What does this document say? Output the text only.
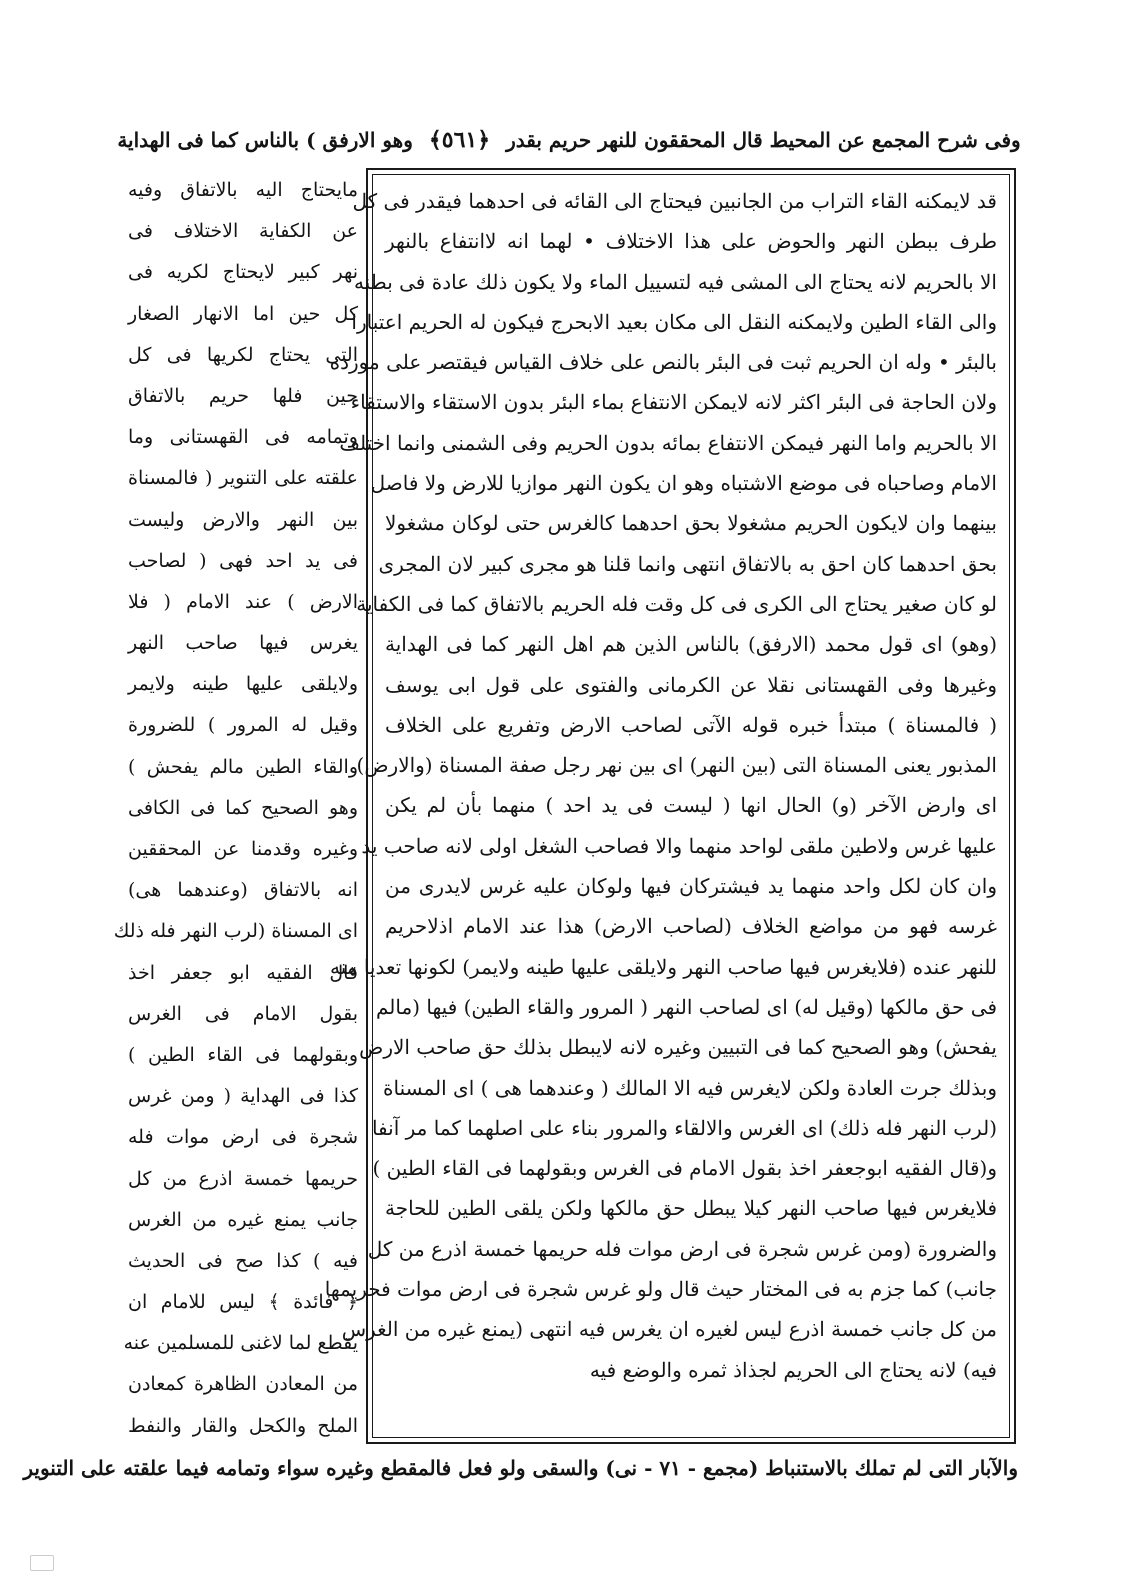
وهو الارفق ) بالناس كما فى الهداية ﴿٥٦١﴾ وفى شرح المجمع عن المحيط قال المحققون للنهر حريم بقدر
قد لايمكنه القاء التراب من الجانبين فيحتاج الى القائه فى احدهما فيقدر فى كل
طرف ببطن النهر والحوض على هذا الاختلاف • لهما انه لاانتفاع بالنهر
الا بالحريم لانه يحتاج الى المشى فيه لتسييل الماء ولا يكون ذلك عادة فى بطنه
والى القاء الطين ولايمكنه النقل الى مكان بعيد الابحرج فيكون له الحريم اعتبارا
بالبئر • وله ان الحريم ثبت فى البئر بالنص على خلاف القياس فيقتصر على مورده
ولان الحاجة فى البئر اكثر لانه لايمكن الانتفاع بماء البئر بدون الاستقاء والاستقاء
الا بالحريم واما النهر فيمكن الانتفاع بمائه بدون الحريم وفى الشمنى وانما اختلف
الامام وصاحباه فى موضع الاشتباه وهو ان يكون النهر موازيا للارض ولا فاصل
بينهما وان لايكون الحريم مشغولا بحق احدهما كالغرس حتى لوكان مشغولا
بحق احدهما كان احق به بالاتفاق انتهى وانما قلنا هو مجرى كبير لان المجرى
لو كان صغير يحتاج الى الكرى فى كل وقت فله الحريم بالاتفاق كما فى الكفاية
(وهو) اى قول محمد (الارفق) بالناس الذين هم اهل النهر كما فى الهداية
وغيرها وفى القهستانى نقلا عن الكرمانى والفتوى على قول ابى يوسف
( فالمسناة ) مبتدأ خبره قوله الآتى لصاحب الارض وتفريع على الخلاف
المذبور يعنى المسناة التى (بين النهر) اى بين نهر رجل صفة المسناة (والارض)
اى وارض الآخر (و) الحال انها ( ليست فى يد احد ) منهما بأن لم يكن
عليها غرس ولاطين ملقى لواحد منهما والا فصاحب الشغل اولى لانه صاحب يد
وان كان لكل واحد منهما يد فيشتركان فيها ولوكان عليه غرس لايدرى من
غرسه فهو من مواضع الخلاف (لصاحب الارض) هذا عند الامام اذلاحريم
للنهر عنده (فلايغرس فيها صاحب النهر ولايلقى عليها طينه ولايمر) لكونها تعديا منه
فى حق مالكها (وقيل له) اى لصاحب النهر ( المرور والقاء الطين) فيها (مالم
يفحش) وهو الصحيح كما فى التبيين وغيره لانه لايبطل بذلك حق صاحب الارض
وبذلك جرت العادة ولكن لايغرس فيه الا المالك ( وعندهما هى ) اى المسناة
(لرب النهر فله ذلك) اى الغرس والالقاء والمرور بناء على اصلهما كما مر آنفا
و(قال الفقيه ابوجعفر اخذ بقول الامام فى الغرس وبقولهما فى القاء الطين )
فلايغرس فيها صاحب النهر كيلا يبطل حق مالكها ولكن يلقى الطين للحاجة
والضرورة (ومن غرس شجرة فى ارض موات فله حريمها خمسة اذرع من كل
جانب) كما جزم به فى المختار حيث قال ولو غرس شجرة فى ارض موات فحريمها
من كل جانب خمسة اذرع ليس لغيره ان يغرس فيه انتهى (يمنع غيره من الغرس
فيه) لانه يحتاج الى الحريم لجذاذ ثمره والوضع فيه
مايحتاج اليه بالاتفاق وفيه
عن الكفاية الاختلاف فى
نهر كبير لايحتاج لكريه فى
كل حين اما الانهار الصغار
التى يحتاج لكريها فى كل
حين فلها حريم بالاتفاق
وتمامه فى القهستانى وما
علقته على التنوير ( فالمسناة
بين النهر والارض وليست
فى يد احد فهى ( لصاحب
الارض ) عند الامام ( فلا
يغرس فيها صاحب النهر
ولايلقى عليها طينه ولايمر
وقيل له المرور ) للضرورة
والقاء الطين مالم يفحش )
وهو الصحيح كما فى الكافى
وغيره وقدمنا عن المحققين
انه بالاتفاق (وعندهما هى)
اى المسناة (لرب النهر فله ذلك
قال الفقيه ابو جعفر اخذ
بقول الامام فى الغرس
وبقولهما فى القاء الطين )
كذا فى الهداية ( ومن غرس
شجرة فى ارض موات فله
حريمها خمسة اذرع من كل
جانب يمنع غيره من الغرس
فيه ) كذا صح فى الحديث
﴿ فائدة ﴾ ليس للامام ان
يقطع لما لاغنى للمسلمين عنه
من المعادن الظاهرة كمعادن
الملح والكحل والقار والنفط
والآبار التى لم تملك بالاستنباط (مجمع - ٧١ - نى) والسقى ولو فعل فالمقطع وغيره سواء وتمامه فيما علقته على التنوير
